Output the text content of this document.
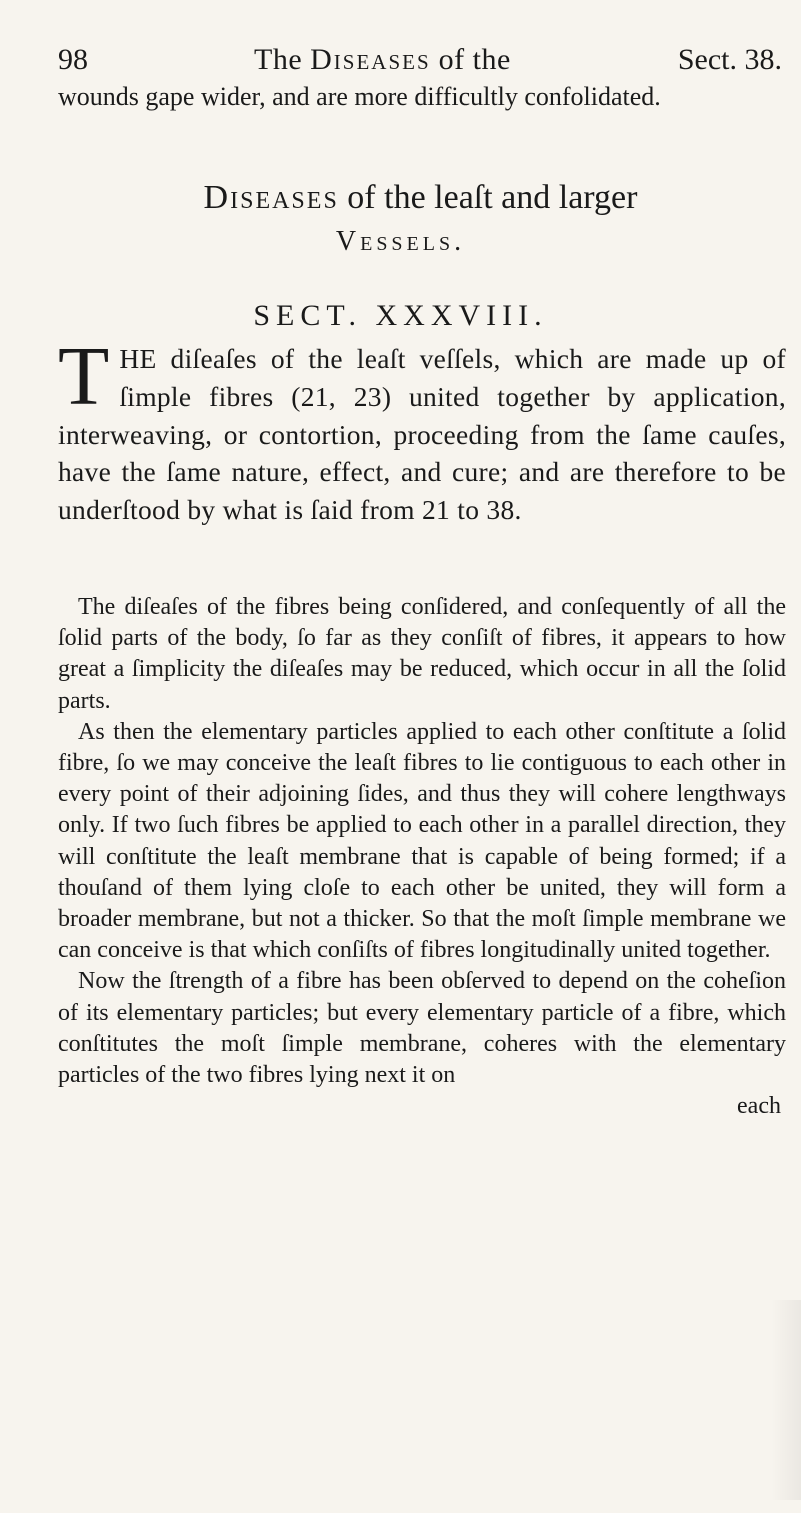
98	The Diseases of the	Sect. 38.
wounds gape wider, and are more difficultly confolidated.
Diseases of the leaſt and larger
Vessels.
SECT. XXXVIII.
T HE diſeaſes of the leaſt veſſels, which are made up of ſimple fibres (21, 23) united together by application, interweaving, or contortion, proceeding from the ſame cauſes, have the ſame nature, effect, and cure; and are therefore to be underſtood by what is ſaid from 21 to 38.

The diſeaſes of the fibres being conſidered, and conſequently of all the ſolid parts of the body, ſo far as they conſiſt of fibres, it appears to how great a ſimplicity the diſeaſes may be reduced, which occur in all the ſolid parts.

As then the elementary particles applied to each other conſtitute a ſolid fibre, ſo we may conceive the leaſt fibres to lie contiguous to each other in every point of their adjoining ſides, and thus they will cohere lengthways only. If two ſuch fibres be applied to each other in a parallel direction, they will conſtitute the leaſt membrane that is capable of being formed; if a thouſand of them lying cloſe to each other be united, they will form a broader membrane, but not a thicker. So that the moſt ſimple membrane we can conceive is that which conſiſts of fibres longitudinally united together.

Now the ſtrength of a fibre has been obſerved to depend on the coheſion of its elementary particles; but every elementary particle of a fibre, which conſtitutes the moſt ſimple membrane, coheres with the elementary particles of the two fibres lying next it on

each
